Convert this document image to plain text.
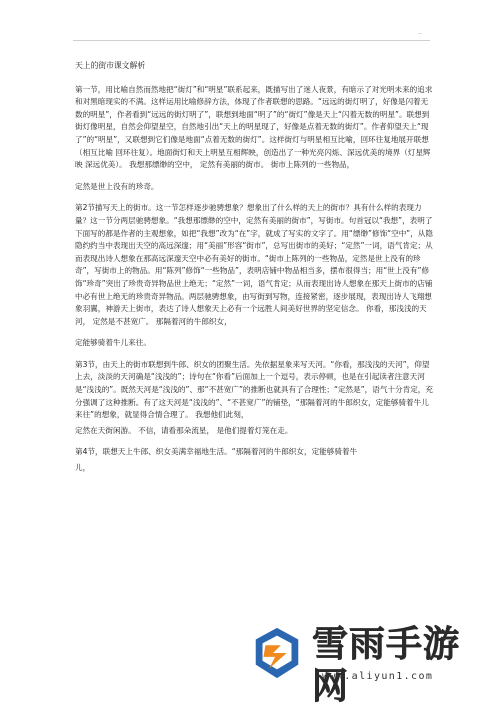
··

天上的街市课文解析

第一节，用比喻自然而然地把“街灯”和“明星”联系起来，既描写出了迷人夜景，有暗示了对光明未来的追求和对黑暗现实的不满。这样运用比喻修辞方法，体现了作者联想的思路。“远远的街灯明了，好像是闪着无数的明星”，作者看到“远远的街灯明了”，联想到地面“明了”的“街灯”像是天上“闪着无数的明星”。联想到街灯像明星，自然会仰望星空，自然地引出“天上的明星现了，好像是点着无数的街灯”。作者仰望天上“现了”的“明星”，又联想到它们像是地面“点着无数的街灯”。这样街灯与明星相互比喻，回环往复地展开联想（相互比喻 回环往复）。地面街灯和天上明星互相辉映，创造出了一种光亮闪烁、深远优美的境界（灯星辉映 深远优美）。 我想那缥缈的空中， 定然有美丽的街市。 街市上陈列的一些物品，

定然是世上没有的珍奇。

第2节描写天上的街市。这一节怎样逐步驰骋想象？想象出了什么样的天上的街市？具有什么样的表现力量？这一节分两层驰骋想象。“我想那缥缈的空中，定然有美丽的街市”，写街市。句首冠以“我想”，表明了下面写的都是作者的主观想象，如把“我想”改为“在”字，就成了写实的文字了。用“缥缈”修饰“空中”，从隐隐约约当中表现出天空的高远深邃；用“美丽”形容“街市”，总写出街市的美好；“定然”一词，语气肯定；从而表现出诗人想象在那高远深邃天空中必有美好的街市。“街市上陈列的一些物品，定然是世上没有的珍奇”，写街市上的物品。用“陈列”修饰“一些物品”，表明店铺中物品相当多，摆布很得当；用“世上没有”修饰“珍奇”突出了珍贵奇异物品世上绝无；“定然”一词，语气肯定；从而表现出诗人想象在那天上街市的店铺中必有世上绝无的珍贵奇异物品。两层驰骋想象，由写街到写物，连接紧密，逐步展现，表现出诗人飞翔想象羽翼，神游天上街市，表达了诗人想象天上必有一个远胜人间美好世界的坚定信念。 你看，那浅浅的天河， 定然是不甚宽广。 那隔着河的牛郎织女，

定能够骑着牛儿来往。

第3节，由天上的街市联想到牛郎、织女的团聚生活。先依据星象来写天河。“你看，那浅浅的天河”，仰望上去，淡淡的天河确是“浅浅的”；诗句在“你看”后面加上一个逗号，表示停顿，也是在引起读者注意天河是“浅浅的”。既然天河是“浅浅的”、那“不甚宽广”的推断也就具有了合理性；“定然是”，语气十分肯定，充分强调了这种推断。有了这天河是“浅浅的”、“不甚宽广”的铺垫，“那隔着河的牛郎织女，定能够骑着牛儿来往”的想象，就显得合情合理了。 我想他们此刻，

定然在天街闲游。 不信，请看那朵流星， 是他们提着灯笼在走。

第4节，联想天上牛郎、织女美满幸福地生活。“那隔着河的牛郎织女，定能够骑着牛

儿，

雪雨手游网
www.aliyun1.com
